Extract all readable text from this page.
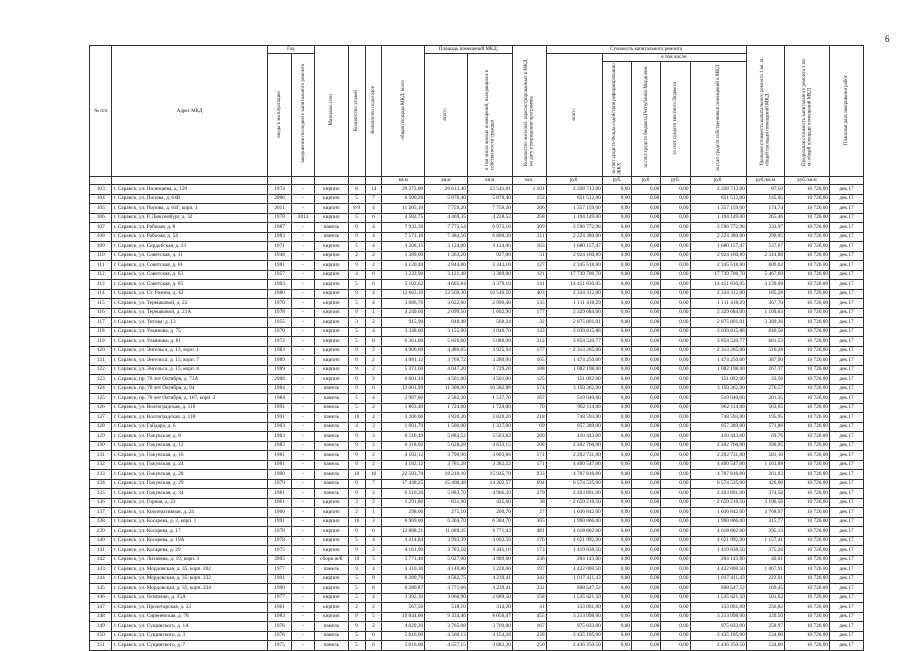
6
№ п/п	Адрес МКД	Год		Материал стен	Количество этажей	Количество подъездов	общая площадь МКД, всего	Площадь помещений МКД:		Количество жителей, зарегистрированных в МКД на дату утверждения программы	Стоимость капитального ремонта					Удельная стоимость капитального ремонта 1 кв. м. общей площади помещений МКД	Предельная стоимость капитального ремонта 1 кв. м. общей площади помещений МКД	Плановая дата завершения работ
		ввода в эксплуатацию	завершения последнего капитального ремонта					всего:	в том числе жилых помещений, находящихся в собственности граждан		всего:	в том числе:						
												за счет средств Фонда содействия реформированию ЖКХ	за счет средств бюджета Республики Мордовия	за счет средств местного бюджета	за счет средств собственников помещений в МКД			
							кв.м	кв.м	кв.м	чел.	руб.	руб.	руб.	руб.	руб.	руб./кв.м	руб./кв.м	
103	г. Саранск, ул. Полежаева, д. 120	1974	-	кирпич	8	14	29 273,00	26 613,46	23 541,01	1 101	2 328 713,00	0,00	0,00	0,00	2 328 713,00	87,50	10 726,00	дек.17
104	г. Саранск, ул. Попова, д. 64В	2006	-	кирпич	5	7	6 500,20	5 870,40	5 870,40	152	851 512,00	0,00	0,00	0,00	851 512,00	145,05	10 726,00	дек.17
105	г. Саранск, ул. Попова, д. 64Г, корп. 1	2011	-	кирпич	8-9	4	11 205,10	7 759,20	7 759,20	206	1 357 159,00	0,00	0,00	0,00	1 357 159,00	174,74	10 726,00	дек.17
106	г. Саранск, ул. Р. Люксембург, д. 32	1978	2013	кирпич	5	6	4 582,75	4 469,35	4 238,52	258	1 194 149,00	0,00	0,00	0,00	1 194 149,00	265,46	10 726,00	дек.17
107	г. Саранск, ул. Рабочая, д. 8	1987	-	панель	9	4	7 933,30	7 773,54	6 973,16	309	2 596 772,98	0,00	0,00	0,00	2 596 772,98	333,97	10 726,00	дек.17
108	г. Саранск, ул. Рабочая, д. 54	1983	-	панель	9	4	7 571,16	7 484,56	6 800,39	311	2 224 380,00	0,00	0,00	0,00	2 224 380,00	299,05	10 726,00	дек.17
109	г. Саранск, ул. Сердобская, д. 23	1971	-	кирпич	5	4	3 208,15	3 124,00	3 124,00	163	1 680 157,47	0,00	0,00	0,00	1 680 157,47	537,67	10 726,00	дек.17
110	г. Саранск, ул. Советская, д. 11	1948	-	кирпич	2	2	1 389,00	1 263,20	927,00	31	2 924 160,89	0,00	0,00	0,00	2 924 160,89	2 314,88	10 726,00	дек.17
111	г. Саранск, ул. Советская, д. 61	1981	-	кирпич	9	2	4 120,40	3 844,80	3 343,10	127	2 345 518,00	0,00	0,00	0,00	2 345 518,00	609,62	10 726,00	дек.17
112	г. Саранск, ул. Советская, д. 63	1957	-	кирпич	4	6	3 233,90	3 121,48	3 389,00	121	17 739 706,70	0,00	0,00	0,00	17 739 706,70	5 467,69	10 726,00	дек.17
113	г. Саранск, ул. Советская, д. 65	1963	-	кирпич	5	6	5 102,62	4 605,84	3 379,10	141	14 451 830,05	0,00	0,00	0,00	14 451 830,05	3 139,08	10 726,00	дек.17
114	г. Саранск, ул. Ст. Разина, д. 42	1980	-	кирпич	9	4	12 663,10	12 569,30	10 546,50	403	2 334 312,00	0,00	0,00	0,00	2 334 312,00	185,28	10 726,00	дек.17
115	г. Саранск, ул. Терешковой, д. 22	1970	-	кирпич	5	4	3 086,70	3 022,60	2 990,40	135	1 111 418,29	0,00	0,00	0,00	1 111 418,29	367,70	10 726,00	дек.17
116	г. Саранск, ул. Терешковой, д. 21А	1978	-	кирпич	9	1	4 249,60	2 099,50	1 602,90	177	2 329 684,00	0,00	0,00	0,00	2 329 684,00	1 109,63	10 726,00	дек.17
117	г. Саранск, ул. Титова, д. 13	1955	-	кирпич	3	2	915,90	848,48	568,34	32	2 875 801,01	0,00	0,00	0,00	2 875 801,01	3 389,36	10 726,00	дек.17
118	г. Саранск, ул. Ульянова, д. 75	1970	-	кирпич	5	4	3 348,00	3 155,00	3 040,70	143	2 039 815,88	0,00	0,00	0,00	2 039 815,88	646,56	10 726,00	дек.17
119	г. Саранск, ул. Ульянова, д. 81	1972	-	кирпич	5	8	6 361,00	5 826,60	5 080,90	312	3 854 520,77	0,00	0,00	0,00	3 854 520,77	661,53	10 726,00	дек.17
120	г. Саранск, ул. Энгельса, д. 13, корп. 1	1983	-	кирпич	9	2	4 906,69	4 480,65	3 925,94	177	2 313 265,00	0,00	0,00	0,00	2 313 265,00	516,28	10 726,00	дек.17
121	г. Саранск, ул. Энгельса, д. 15, корп. 7	1989	-	кирпич	9	2	4 081,12	3 769,72	3 280,00	165	1 474 250,00	0,00	0,00	0,00	1 474 250,00	387,90	10 726,00	дек.17
122	г. Саранск, ул. Энгельса, д. 15, корп. 8	1989	-	кирпич	9	2	5 371,60	4 047,20	3 729,20	188	1 082 198,00	0,00	0,00	0,00	1 082 198,00	267,37	10 726,00	дек.17
123	г. Саранск, пр. 70 лет Октября, д. 73А	2008	-	кирпич	9	3	6 001,10	4 501,00	4 501,00	125	151 062,00	0,00	0,00	0,00	151 062,00	33,56	10 726,00	дек.17
124	г. Саранск, пр. 70 лет Октября, д. 94	1984	-	панель	9	6	13 001,99	11 308,00	10 382,88	574	3 150 362,00	0,00	0,00	0,00	3 150 362,00	276,57	10 726,00	дек.17
125	г. Саранск, пр. 70 лет Октября, д. 167, корп. 2	1984	-	панель	5	4	2 987,80	2 582,30	1 537,70	167	519 040,00	0,00	0,00	0,00	519 040,00	201,35	10 726,00	дек.17
126	г. Саранск, ул. Волгоградская, д. 116	1991	-	панель	5	2	1 863,40	1 724,00	1 724,00	70	962 114,00	0,00	0,00	0,00	962 114,00	563,65	10 726,00	дек.17
127	г. Саранск, ул. Волгоградская, д. 118	1991	-	панель	10	2	4 200,00	3 820,20	3 820,20	218	748 593,00	0,00	0,00	0,00	748 593,00	195,95	10 726,00	дек.17
128	г. Саранск, ул. Гайдара, д. 6	1963	-	панель	4	3	1 601,70	1 500,00	1 337,00	69	857 289,00	0,00	0,00	0,00	857 289,00	571,86	10 726,00	дек.17
129	г. Саранск, ул. Гожувская, д. 8	1983	-	панель	9	3	6 510,49	5 883,52	5 503,82	260	410 443,00	0,00	0,00	0,00	410 443,00	69,76	10 726,00	дек.17
130	г. Саранск, ул. Гожувская, д. 12	1983	-	панель	9	3	6 318,02	5 628,28	4 633,15	208	2 202 766,00	0,00	0,00	0,00	2 202 766,00	390,95	10 726,00	дек.17
131	г. Саранск, ул. Гожувская, д. 16	1981	-	панель	9	2	4 182,12	3 790,96	3 603,66	171	2 202 731,00	0,00	0,00	0,00	2 202 731,00	581,10	10 726,00	дек.17
132	г. Саранск, ул. Гожувская, д. 24	1981	-	панель	9	2	4 182,12	3 781,28	3 382,22	171	4 400 547,00	0,00	0,00	0,00	4 400 547,00	1 163,88	10 726,00	дек.17
133	г. Саранск, ул. Гожувская, д. 28	1990	-	панель	10	10	22 583,70	18 210,10	15 945,78	933	4 767 816,00	0,00	0,00	0,00	4 767 816,00	261,82	10 726,00	дек.17
134	г. Саранск, ул. Гожувская, д. 29	1979	-	панель	9	7	17 448,25	15 400,48	14 302,57	694	6 574 535,00	0,00	0,00	0,00	6 574 535,00	426,90	10 726,00	дек.17
135	г. Саранск, ул. Гожувская, д. 34	1981	-	панель	9	3	6 510,30	5 883,70	4 966,39	279	2 203 891,00	0,00	0,00	0,00	2 203 891,00	374,58	10 726,00	дек.17
136	г. Саранск, ул. Горная, д. 23	1961	-	кирпич	3	2	1 291,80	831,90	425,60	38	2 659 218,50	0,00	0,00	0,00	2 659 218,50	3 196,56	10 726,00	дек.17
137	г. Саранск, ул. Кооперативная, д. 24	1960	-	кирпич	2	1	298,00	275,10	200,70	27	1 036 842,00	0,00	0,00	0,00	1 036 842,00	3 768,97	10 726,00	дек.17
138	г. Саранск, ул. Косарева, д. 3, корп. 1	1991	-	кирпич	10	3	6 969,00	6 304,70	6 304,70	305	1 990 806,00	0,00	0,00	0,00	1 990 806,00	315,77	10 726,00	дек.17
139	г. Саранск, ул. Косарева, д. 17	1978	-	кирпич	9	6	12 888,21	11 689,35	9 771,43	481	4 618 802,00	0,00	0,00	0,00	4 618 802,00	395,13	10 726,00	дек.17
140	г. Саранск, ул. Косарева, д. 19А	1978	-	кирпич	5	4	4 414,84	3 993,39	3 003,56	176	4 621 992,00	0,00	0,00	0,00	4 621 992,00	1 157,41	10 726,00	дек.17
141	г. Саранск, ул. Косарева, д. 29	1975	-	кирпич	9	2	4 161,90	3 783,58	3 445,10	173	1 419 838,50	0,00	0,00	0,00	1 419 838,50	375,26	10 726,00	дек.17
142	г. Саранск, ул. Лихачева, д. 19, корп. 1	2005	-	сборн.ж/б	10	5	5 771,40	5 027,00	4 989,60	236	204 143,00	0,00	0,00	0,00	204 143,00	40,61	10 726,00	дек.17
143	г. Саранск, ул. Мордовская, д. 35, корп. 202	1977	-	панель	9	4	4 310,30	4 140,80	3 220,00	197	4 422 000,50	0,00	0,00	0,00	4 422 000,50	1 067,91	10 726,00	дек.17
144	г. Саранск, ул. Мордовская, д. 35, корп. 232	1991	-	кирпич	5	8	6 280,76	4 582,75	4 239,41	342	1 017 411,43	0,00	0,00	0,00	1 017 411,43	222,01	10 726,00	дек.17
145	г. Саранск, ул. Мордовская, д. 35, корп. 234	1990	-	кирпич	5	8	6 280,87	4 771,66	4 239,41	332	808 547,52	0,00	0,00	0,00	808 547,52	169,45	10 726,00	дек.17
146	г. Саранск, ул. Осипенко, д. 35А	1977	-	кирпич	5	4	3 392,30	3 060,90	2 689,50	158	1 535 421,50	0,00	0,00	0,00	1 535 421,50	501,62	10 726,00	дек.17
147	г. Саранск, ул. Пролетарская, д. 33	1961	-	кирпич	2	2	567,50	518,10	314,20	41	133 061,00	0,00	0,00	0,00	133 061,00	256,82	10 726,00	дек.17
148	г. Саранск, ул. Сиреневская, д. 78	1983	-	кирпич	9	5	10 844,00	9 434,46	8 050,47	455	3 213 998,00	0,00	0,00	0,00	3 213 998,00	339,50	10 726,00	дек.17
149	г. Саранск, ул. Сущинского, д. 1А	1976	-	панель	9	2	4 029,20	3 765,08	3 709,00	167	975 033,00	0,00	0,00	0,00	975 033,00	258,97	10 726,00	дек.17
150	г. Саранск, ул. Сущинского, д. 3	1976	-	панель	5	6	5 016,00	4 560,13	4 154,28	228	2 435 105,00	0,00	0,00	0,00	2 435 105,00	534,00	10 726,00	дек.17
151	г. Саранск, ул. Сущинского, д. 7	1975	-	панель	5	6	5 016,00	4 557,15	3 882,30	250	2 436 250,50	0,00	0,00	0,00	2 436 250,50	534,60	10 726,00	дек.17
